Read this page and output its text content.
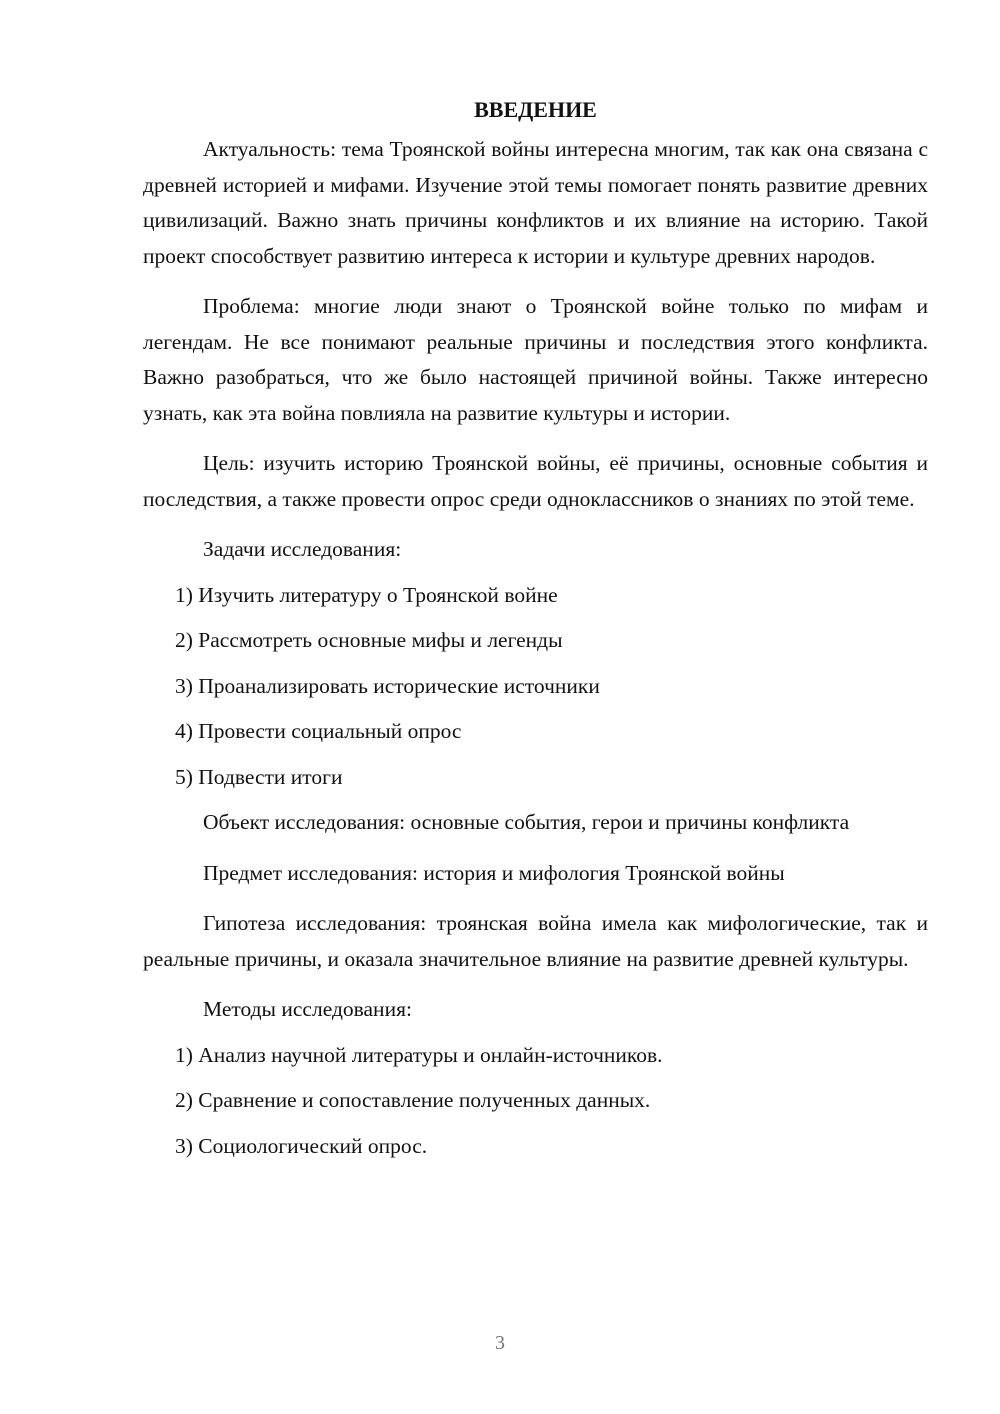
ВВЕДЕНИЕ

Актуальность: тема Троянской войны интересна многим, так как она связана с древней историей и мифами. Изучение этой темы помогает понять развитие древних цивилизаций. Важно знать причины конфликтов и их влияние на историю. Такой проект способствует развитию интереса к истории и культуре древних народов.

Проблема: многие люди знают о Троянской войне только по мифам и легендам. Не все понимают реальные причины и последствия этого конфликта. Важно разобраться, что же было настоящей причиной войны. Также интересно узнать, как эта война повлияла на развитие культуры и истории.

Цель: изучить историю Троянской войны, её причины, основные события и последствия, а также провести опрос среди одноклассников о знаниях по этой теме.

Задачи исследования:
1) Изучить литературу о Троянской войне
2) Рассмотреть основные мифы и легенды
3) Проанализировать исторические источники
4) Провести социальный опрос
5) Подвести итоги

Объект исследования: основные события, герои и причины конфликта

Предмет исследования: история и мифология Троянской войны

Гипотеза исследования: троянская война имела как мифологические, так и реальные причины, и оказала значительное влияние на развитие древней культуры.

Методы исследования:
1) Анализ научной литературы и онлайн-источников.
2) Сравнение и сопоставление полученных данных.
3) Социологический опрос.
3
